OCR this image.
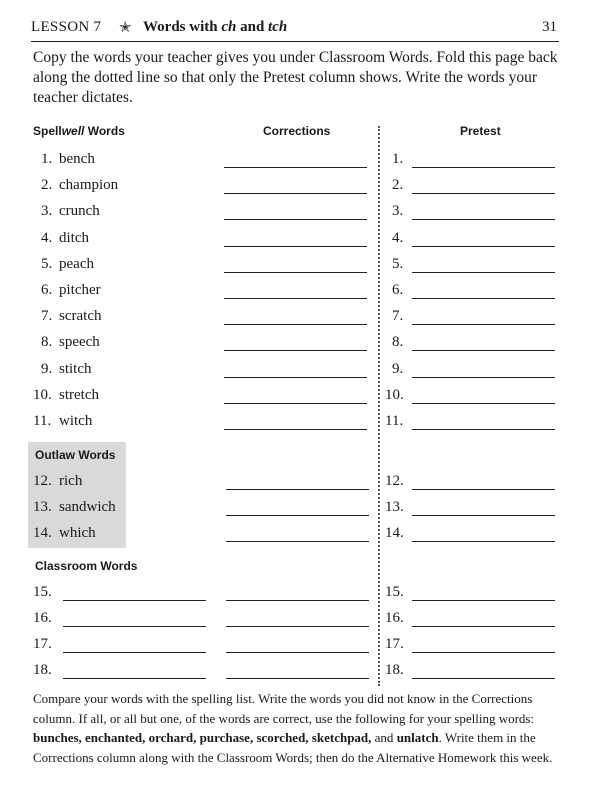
LESSON 7 ✭ Words with ch and tch	31
Copy the words your teacher gives you under Classroom Words. Fold this page back along the dotted line so that only the Pretest column shows. Write the words your teacher dictates.
Spellwell Words	Corrections	Pretest
1. bench	1.
2. champion	2.
3. crunch	3.
4. ditch	4.
5. peach	5.
6. pitcher	6.
7. scratch	7.
8. speech	8.
9. stitch	9.
10. stretch	10.
11. witch	11.
12. rich	12.
13. sandwich	13.
14. which	14.
15.	15.
16.	16.
17.	17.
18.	18.
Outlaw Words
Classroom Words
Compare your words with the spelling list. Write the words you did not know in the Corrections column. If all, or all but one, of the words are correct, use the following for your spelling words: bunches, enchanted, orchard, purchase, scorched, sketchpad, and unlatch. Write them in the Corrections column along with the Classroom Words; then do the Alternative Homework this week.
